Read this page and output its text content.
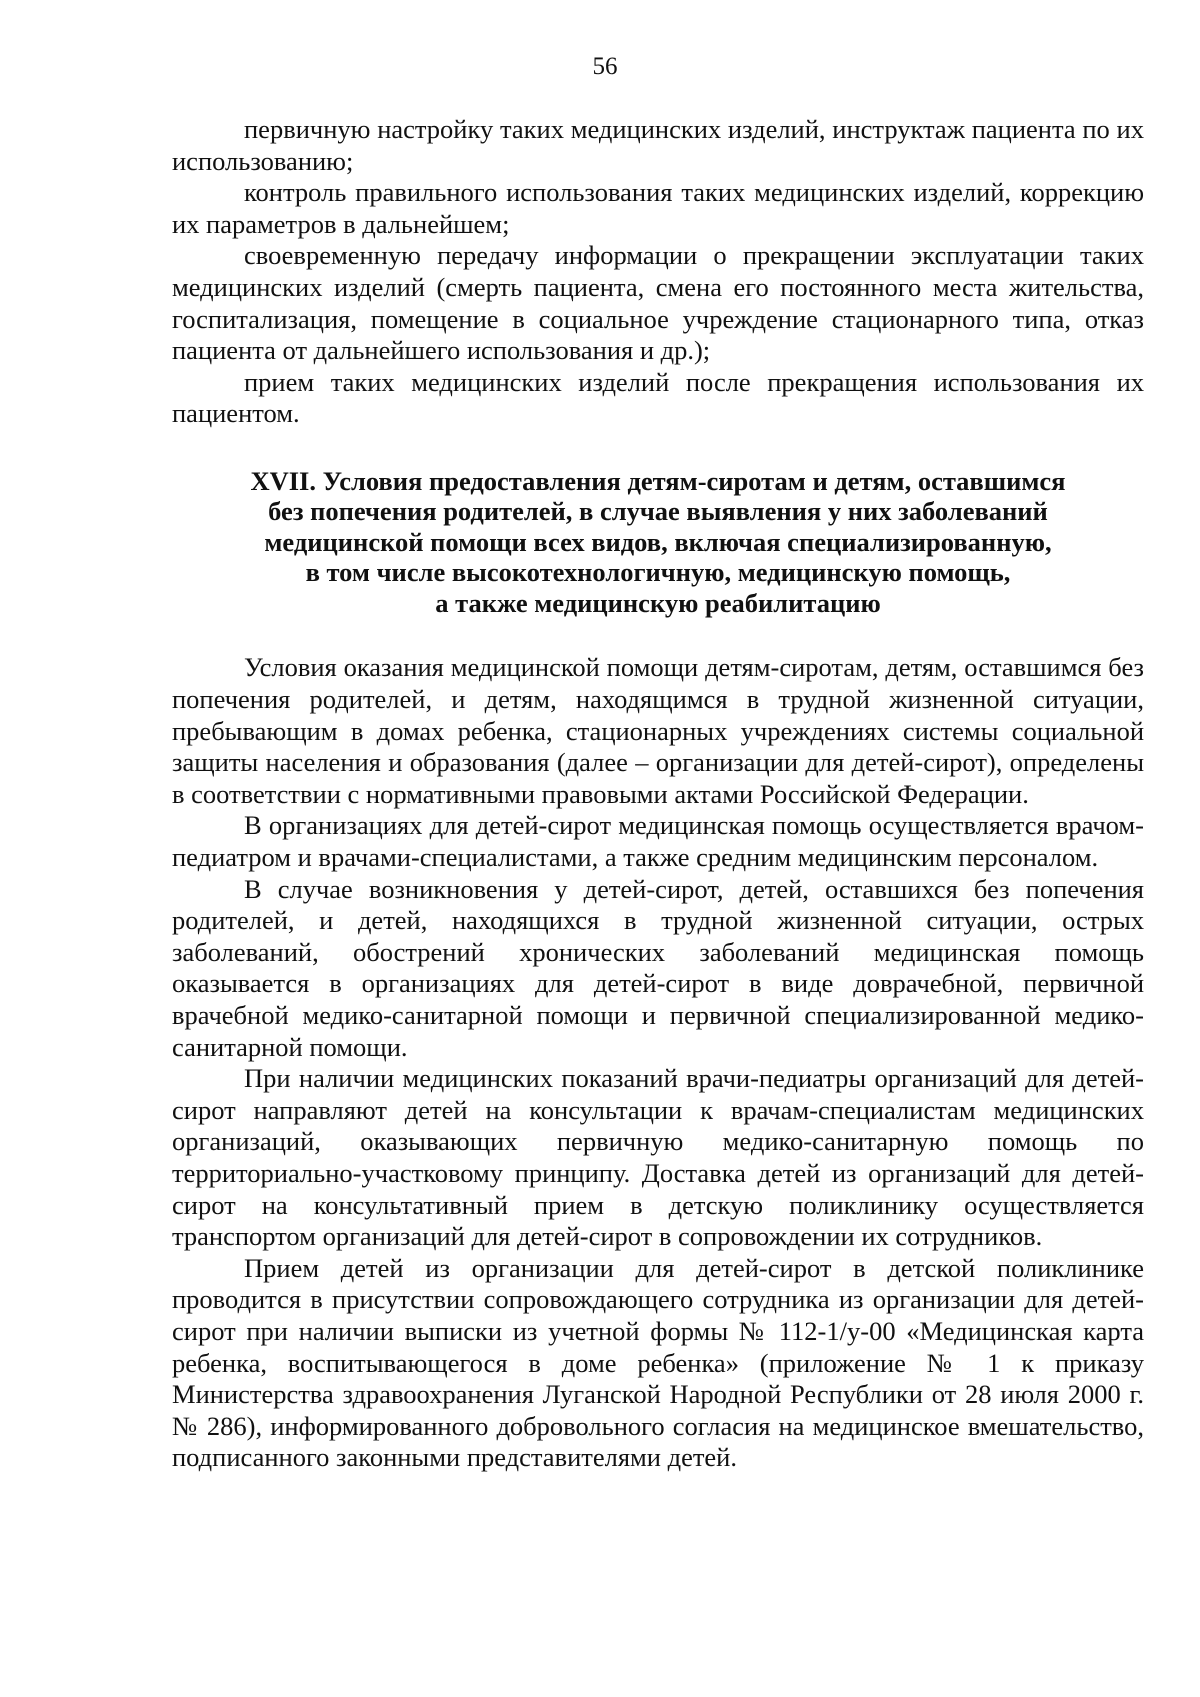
56

первичную настройку таких медицинских изделий, инструктаж пациента по их использованию;

контроль правильного использования таких медицинских изделий, коррекцию их параметров в дальнейшем;

своевременную передачу информации о прекращении эксплуатации таких медицинских изделий (смерть пациента, смена его постоянного места жительства, госпитализация, помещение в социальное учреждение стационарного типа, отказ пациента от дальнейшего использования и др.);

прием таких медицинских изделий после прекращения использования их пациентом.

XVII. Условия предоставления детям-сиротам и детям, оставшимся
без попечения родителей, в случае выявления у них заболеваний
медицинской помощи всех видов, включая специализированную,
в том числе высокотехнологичную, медицинскую помощь,
а также медицинскую реабилитацию

Условия оказания медицинской помощи детям-сиротам, детям, оставшимся без попечения родителей, и детям, находящимся в трудной жизненной ситуации, пребывающим в домах ребенка, стационарных учреждениях системы социальной защиты населения и образования (далее – организации для детей-сирот), определены в соответствии с нормативными правовыми актами Российской Федерации.

В организациях для детей-сирот медицинская помощь осуществляется врачом-педиатром и врачами-специалистами, а также средним медицинским персоналом.

В случае возникновения у детей-сирот, детей, оставшихся без попечения родителей, и детей, находящихся в трудной жизненной ситуации, острых заболеваний, обострений хронических заболеваний медицинская помощь оказывается в организациях для детей-сирот в виде доврачебной, первичной врачебной медико-санитарной помощи и первичной специализированной медико-санитарной помощи.

При наличии медицинских показаний врачи-педиатры организаций для детей-сирот направляют детей на консультации к врачам-специалистам медицинских организаций, оказывающих первичную медико-санитарную помощь по территориально-участковому принципу. Доставка детей из организаций для детей-сирот на консультативный прием в детскую поликлинику осуществляется транспортом организаций для детей-сирот в сопровождении их сотрудников.

Прием детей из организации для детей-сирот в детской поликлинике проводится в присутствии сопровождающего сотрудника из организации для детей-сирот при наличии выписки из учетной формы № 112-1/у-00 «Медицинская карта ребенка, воспитывающегося в доме ребенка» (приложение № 1 к приказу Министерства здравоохранения Луганской Народной Республики от 28 июля 2000 г. № 286), информированного добровольного согласия на медицинское вмешательство, подписанного законными представителями детей.
